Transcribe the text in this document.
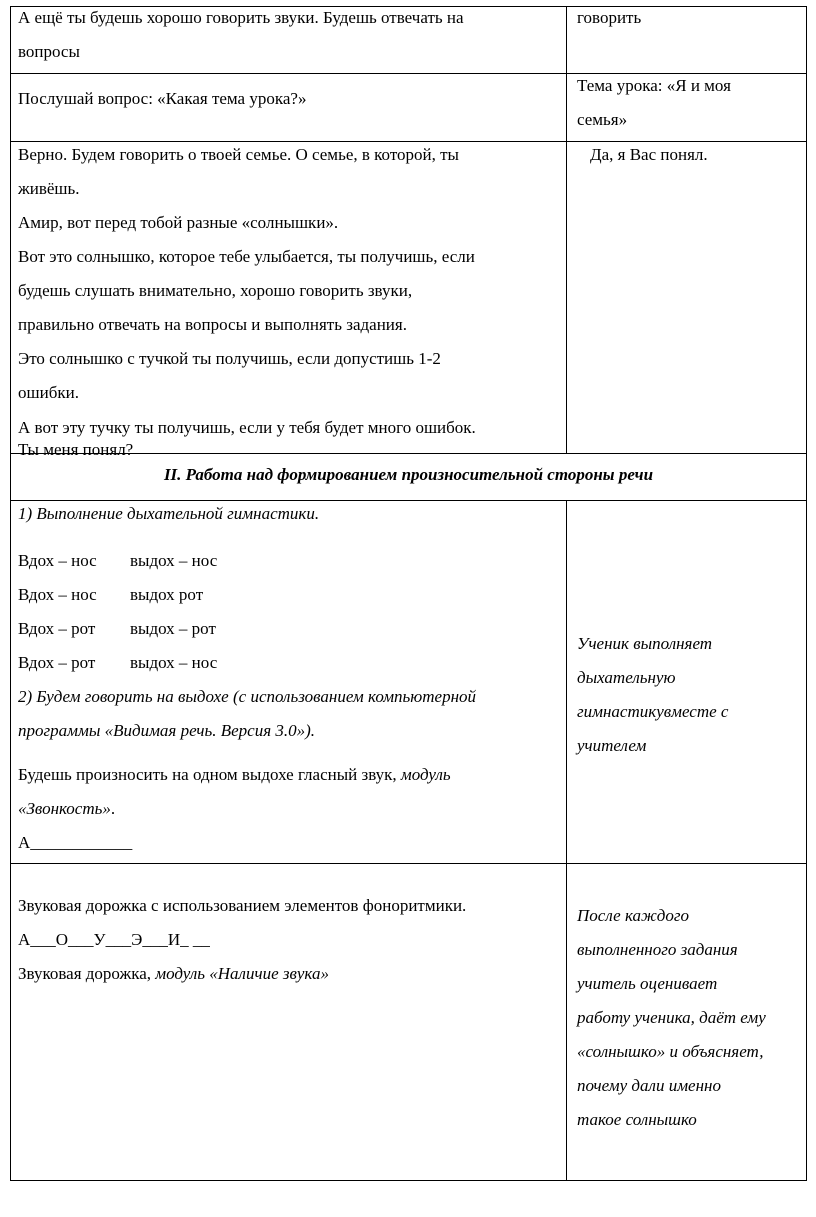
А ещё ты будешь хорошо говорить звуки. Будешь отвечать на
вопросы
говорить
Послушай вопрос: «Какая тема урока?»
Тема урока: «Я и моя
семья»
Верно. Будем говорить о твоей семье. О семье, в которой, ты
живёшь.
Амир, вот перед тобой разные «солнышки».
Вот это солнышко, которое тебе улыбается, ты получишь, если
будешь слушать внимательно, хорошо говорить звуки,
правильно отвечать на вопросы и выполнять задания.
Это солнышко с тучкой ты получишь, если допустишь 1-2
ошибки.
А вот эту тучку ты получишь, если у тебя будет много ошибок.
Ты меня понял?
Да, я Вас понял.
II. Работа над формированием произносительной стороны речи
1) Выполнение дыхательной гимнастики.
Вдох – нос выдох – нос
Вдох – нос выдох рот
Вдох – рот выдох – рот
Вдох – рот выдох – нос
2) Будем говорить на выдохе (с использованием компьютерной
программы «Видимая речь. Версия 3.0»).
Будешь произносить на одном выдохе гласный звук, модуль
«Звонкость».
А____________
Ученик выполняет
дыхательную
гимнастикувместе с
учителем
Звуковая дорожка с использованием элементов фоноритмики.
А___О___У___Э___И_ __
Звуковая дорожка, модуль «Наличие звука»
После каждого
выполненного задания
учитель оценивает
работу ученика, даёт ему
«солнышко» и объясняет,
почему дали именно
такое солнышко
